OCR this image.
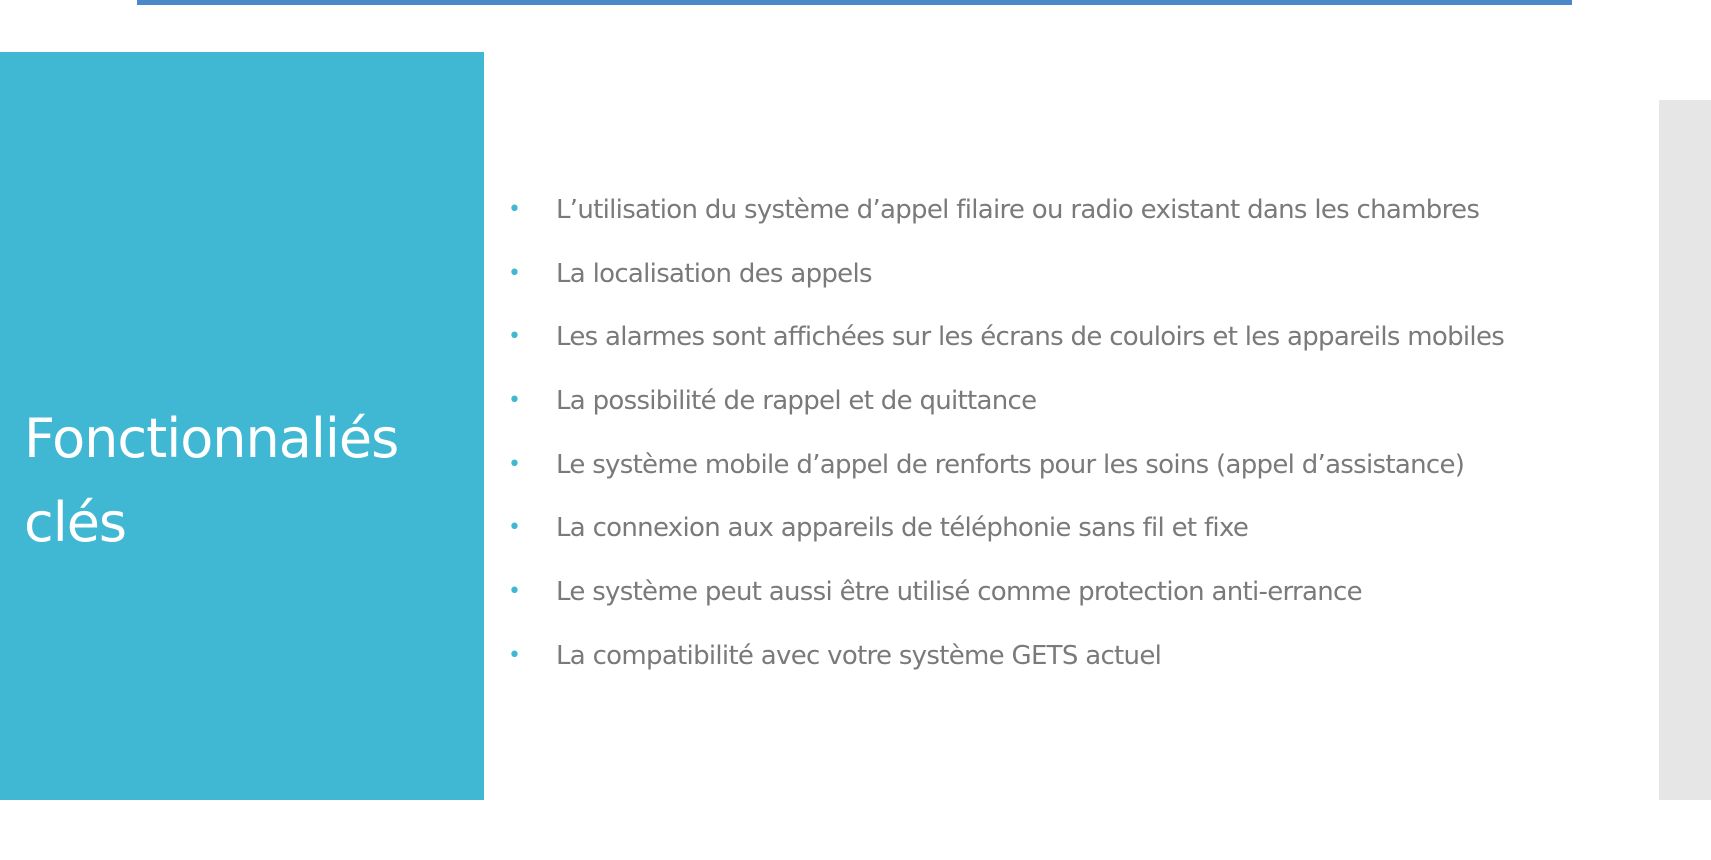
Fonctionnaliés clés
•	L’utilisation du système d’appel filaire ou radio existant dans les chambres
•	La localisation des appels
•	Les alarmes sont affichées sur les écrans de couloirs et les appareils mobiles
•	La possibilité de rappel et de quittance
•	Le système mobile d’appel de renforts pour les soins (appel d’assistance)
•	La connexion aux appareils de téléphonie sans fil et fixe
•	Le système peut aussi être utilisé comme protection anti-errance
•	La compatibilité avec votre système GETS actuel
